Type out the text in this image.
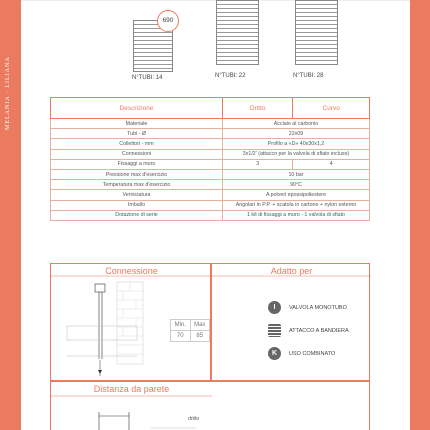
MELANIA · LILIANA	N°TUBI: 14	N°TUBI: 22	N°TUBI: 28
690
Descrizione	Dritto	Curvo
Materiale	Acciaio al carbonio	
Tubi - Ø	22x09	
Collettori - mm	Profilo a «D» 40x30x1,2	
Connessioni	3x1/2' (attacco per la valvola di sfiato incluso)	
Fissaggi a muro	3	4
Pressione max d'esercizio	10 bar	
Temperatura max d'esercizio	90°C	
Verniciatura	A polveri epossipoliestere	
Imballo	Angolari in P.P. + scatola in cartone + nylon esterno	
Dotazione di serie	1 kit di fissaggi a muro - 1 valvola di sfiato	
Connessione
Min.	Max
70	85
Adatto per
I	VALVOLA MONOTUBO
ATTACCO A BANDIERA
K	USO COMBINATO
Distanza da parete
dritto
